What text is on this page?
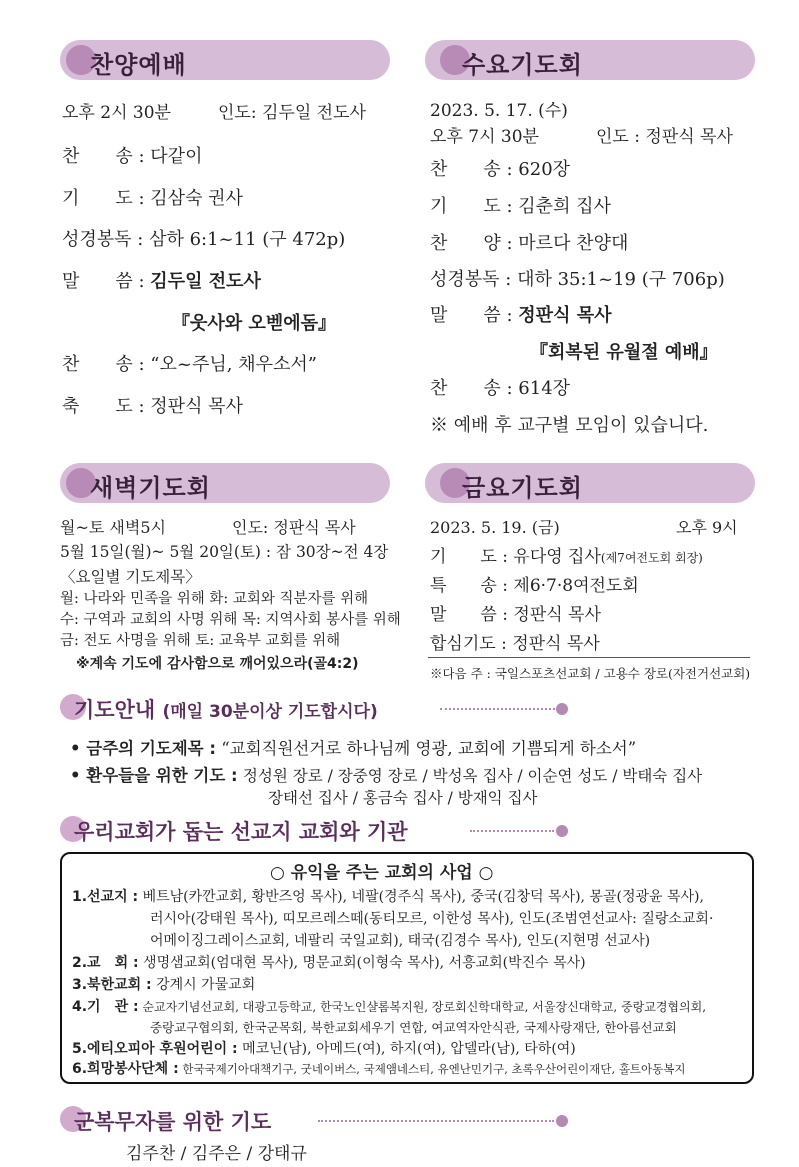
찬양예배
오후 2시 30분	인도: 김두일 전도사
찬　　송 : 다같이
기　　도 : 김삼숙 권사
성경봉독 : 삼하 6:1~11 (구 472p)
말　　씀 : 김두일 전도사
『웃사와 오벧에돔』
찬　　송 : “오~주님, 채우소서”
축　　도 : 정판식 목사
수요기도회
2023. 5. 17. (수)
오후 7시 30분	인도 : 정판식 목사
찬　　송 : 620장
기　　도 : 김춘희 집사
찬　　양 : 마르다 찬양대
성경봉독 : 대하 35:1~19 (구 706p)
말　　씀 : 정판식 목사
『회복된 유월절 예배』
찬　　송 : 614장
※ 예배 후 교구별 모임이 있습니다.
새벽기도회
월~토 새벽5시	인도: 정판식 목사
5월 15일(월)~ 5월 20일(토) : 잠 30장~전 4장
〈요일별 기도제목〉
월: 나라와 민족을 위해 화: 교회와 직분자를 위해
수: 구역과 교회의 사명 위해 목: 지역사회 봉사를 위해
금: 전도 사명을 위해 토: 교육부 교회를 위해
※계속 기도에 감사함으로 깨어있으라(골4:2)
금요기도회
2023. 5. 19. (금)	오후 9시
기　　도 : 유다영 집사(제7여전도회 회장)
특　　송 : 제6·7·8여전도회
말　　씀 : 정판식 목사
합심기도 : 정판식 목사
※다음 주 : 국일스포츠선교회 / 고용수 장로(자전거선교회)
기도안내 (매일 30분이상 기도합시다)
• 금주의 기도제목 : “교회직원선거로 하나님께 영광, 교회에 기쁨되게 하소서”
• 환우들을 위한 기도 : 정성원 장로 / 장중영 장로 / 박성옥 집사 / 이순연 성도 / 박태숙 집사
장태선 집사 / 홍금숙 집사 / 방재익 집사
우리교회가 돕는 선교지 교회와 기관
○ 유익을 주는 교회의 사업 ○
1.선교지 : 베트남(카깐교회, 황반즈엉 목사), 네팔(경주식 목사), 중국(김창덕 목사), 몽골(정광윤 목사),
러시아(강태원 목사), 띠모르레스떼(동티모르, 이한성 목사), 인도(조범연선교사: 질랑소교회·
어메이징그레이스교회, 네팔리 국일교회), 태국(김경수 목사), 인도(지현명 선교사)
2.교　회 : 생명샘교회(엄대현 목사), 명문교회(이형숙 목사), 서흥교회(박진수 목사)
3.북한교회 : 강계시 가물교회
4.기　관 : 순교자기념선교회, 대광고등학교, 한국노인샬롬복지원, 장로회신학대학교, 서울장신대학교, 중랑교경협의회,
중랑교구협의회, 한국군목회, 북한교회세우기 연합, 여교역자안식관, 국제사랑재단, 한아름선교회
5.에티오피아 후원어린이 : 메코닌(남), 아메드(여), 하지(여), 압델라(남), 타하(여)
6.희망봉사단체 : 한국국제기아대책기구, 굿네이버스, 국제앰네스티, 유엔난민기구, 초록우산어린이재단, 홀트아동복지
군복무자를 위한 기도
김주찬 / 김주은 / 강태규
